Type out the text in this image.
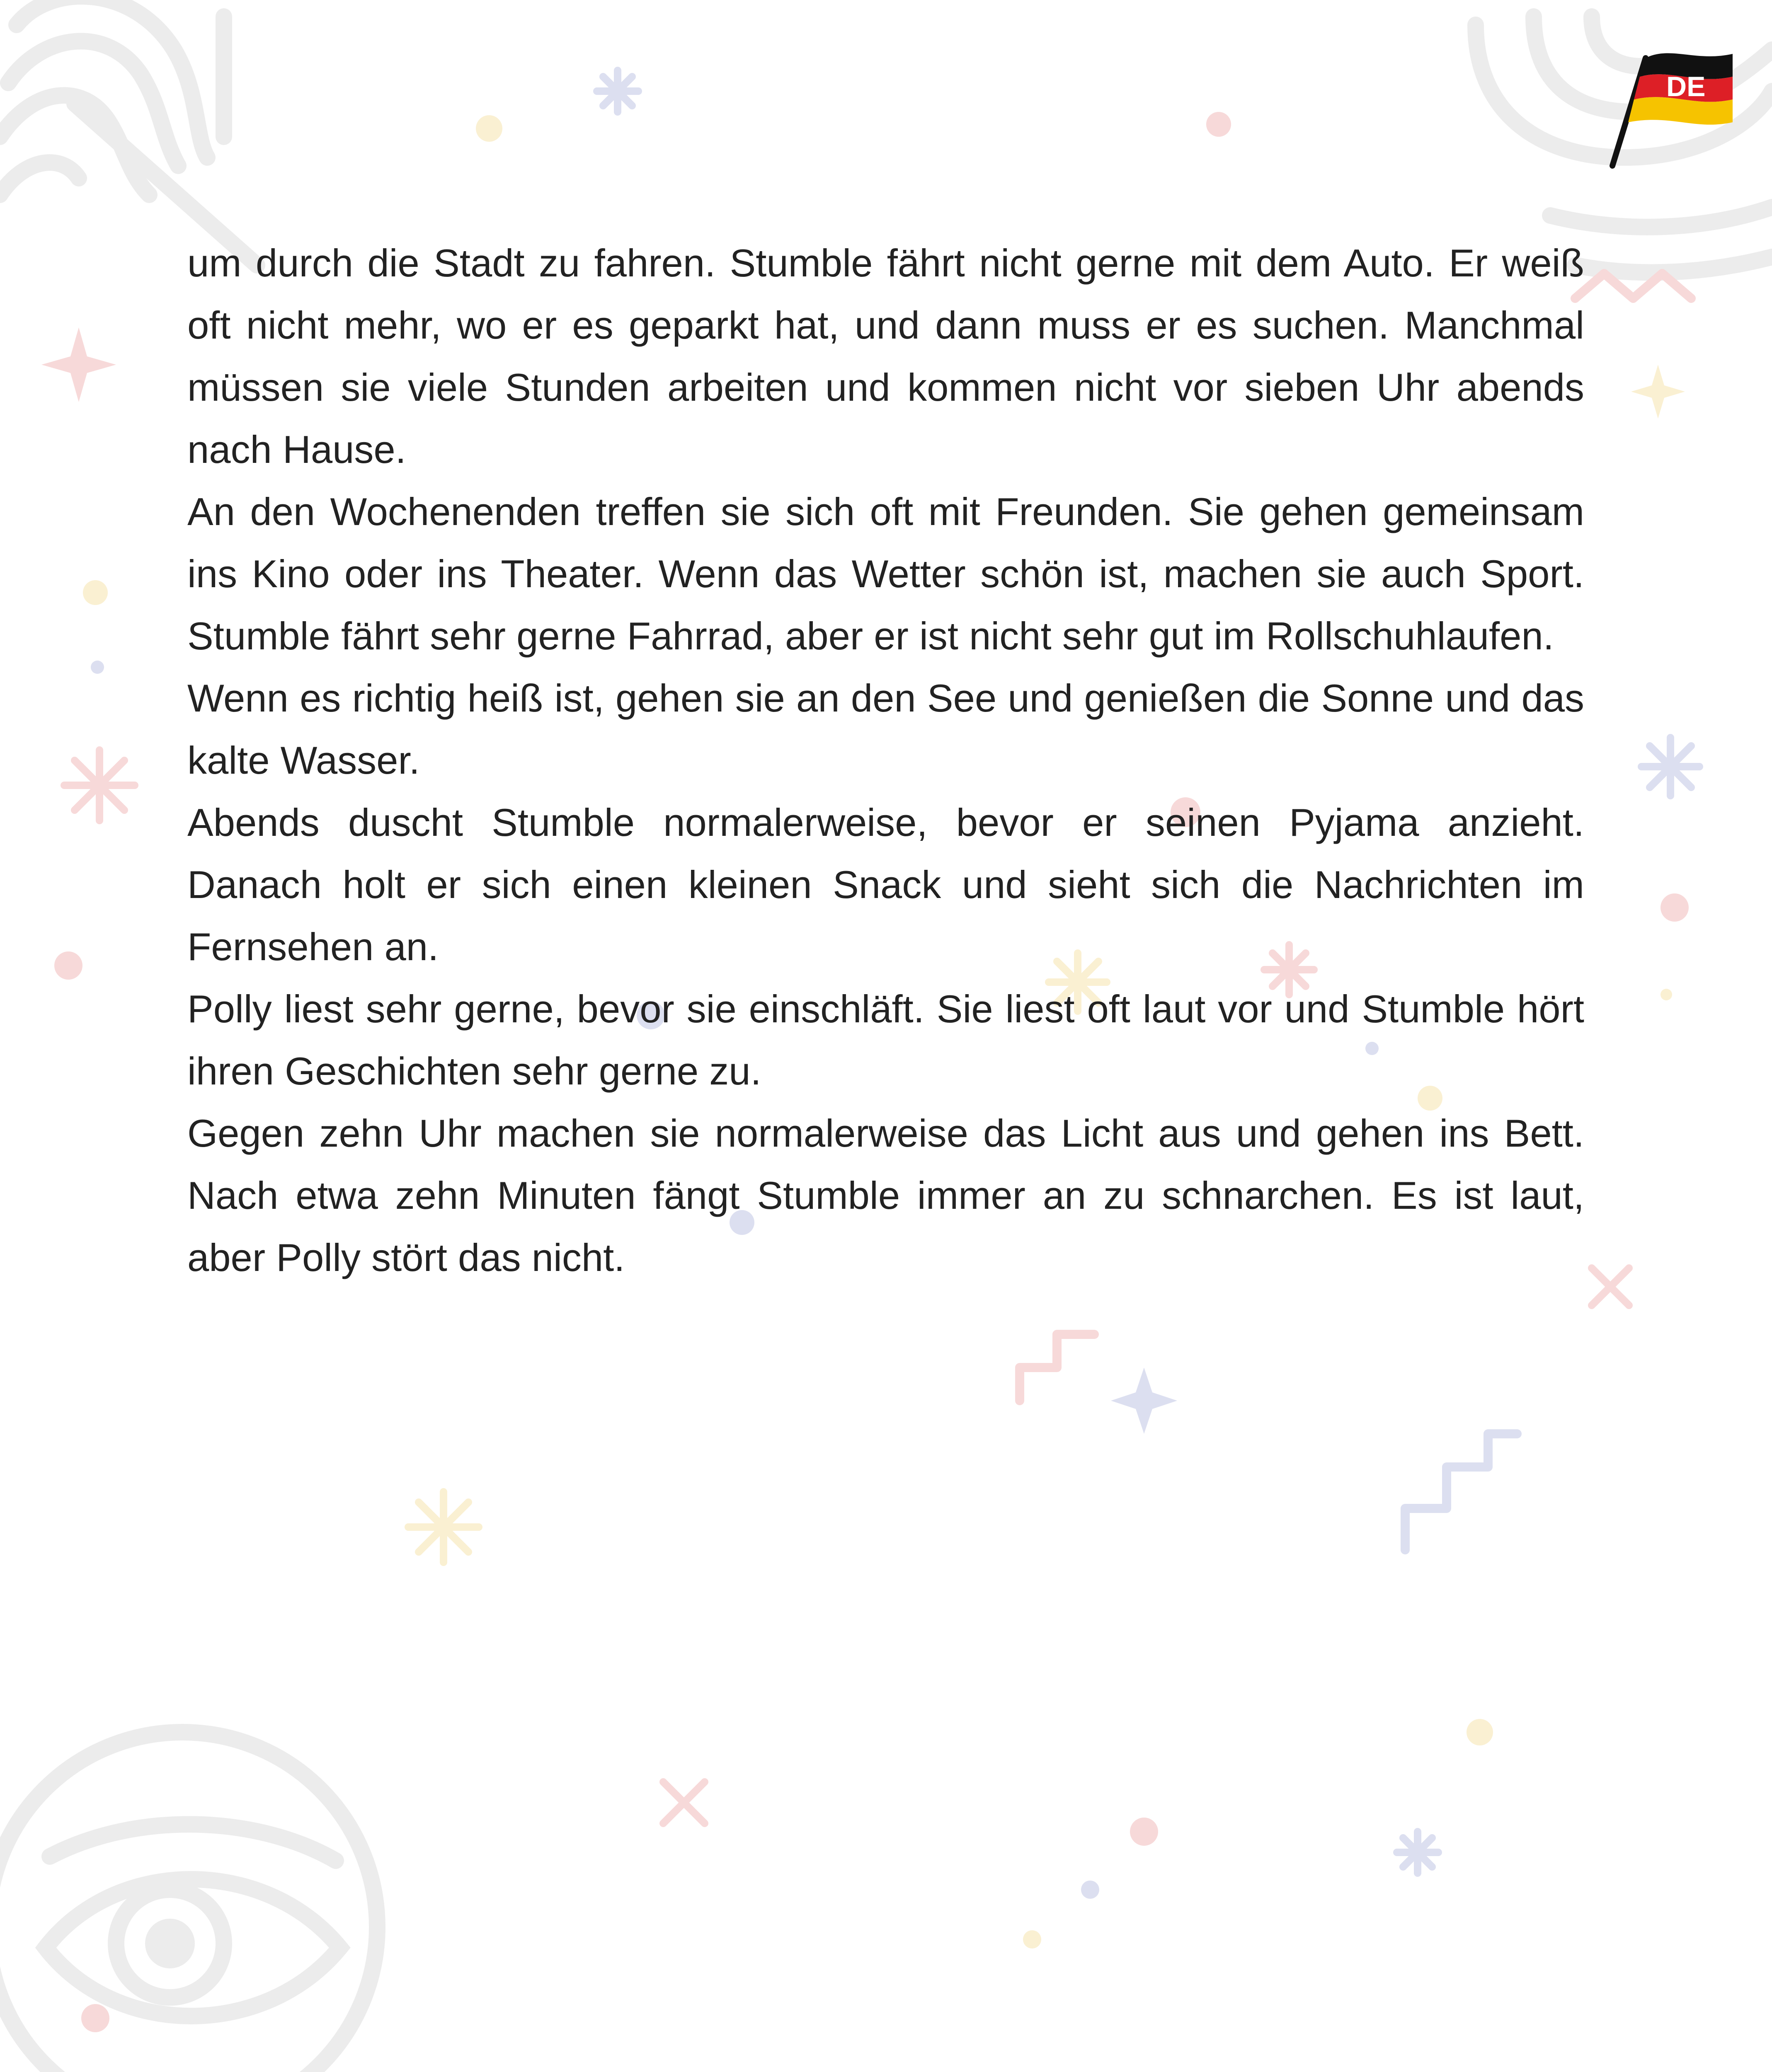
DE

um durch die Stadt zu fahren. Stumble fährt nicht gerne mit dem Auto. Er weiß oft nicht mehr, wo er es geparkt hat, und dann muss er es suchen. Manchmal müssen sie viele Stunden arbeiten und kommen nicht vor sieben Uhr abends nach Hause.

An den Wochenenden treffen sie sich oft mit Freunden. Sie gehen gemeinsam ins Kino oder ins Theater. Wenn das Wetter schön ist, machen sie auch Sport. Stumble fährt sehr gerne Fahrrad, aber er ist nicht sehr gut im Rollschuhlaufen.

Wenn es richtig heiß ist, gehen sie an den See und genießen die Sonne und das kalte Wasser.

Abends duscht Stumble normalerweise, bevor er seinen Pyjama anzieht. Danach holt er sich einen kleinen Snack und sieht sich die Nachrichten im Fernsehen an.

Polly liest sehr gerne, bevor sie einschläft. Sie liest oft laut vor und Stumble hört ihren Geschichten sehr gerne zu.

Gegen zehn Uhr machen sie normalerweise das Licht aus und gehen ins Bett. Nach etwa zehn Minuten fängt Stumble immer an zu schnarchen. Es ist laut, aber Polly stört das nicht.
